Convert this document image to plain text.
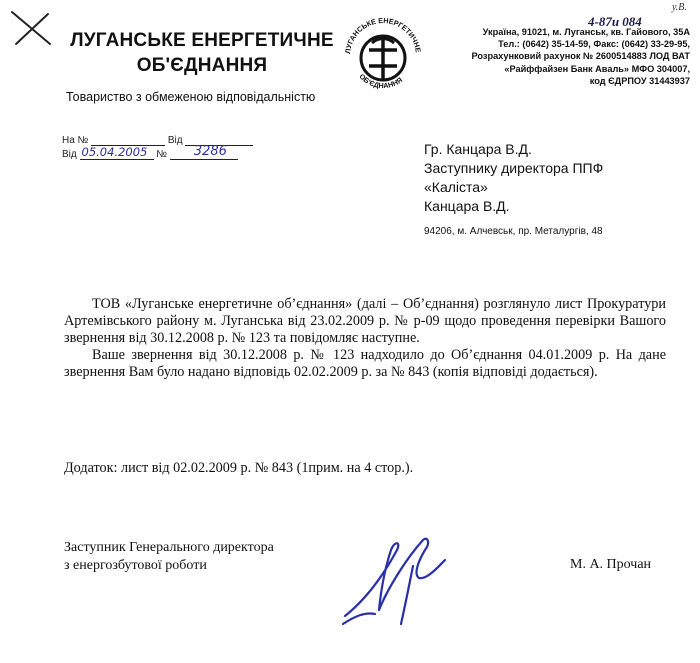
ЛУГАНСЬКЕ ЕНЕРГЕТИЧНЕ
ОБ'ЄДНАННЯ
Товариство з обмеженою відповідальністю
ЛУГАНСЬКЕ ЕНЕРГЕТИЧНЕ
ОБ'ЄДНАННЯ
Україна, 91021, м. Луганськ, кв. Гайового, 35А
Тел.: (0642) 35-14-59, Факс: (0642) 33-29-95,
Розрахунковий рахунок № 2600514883 ЛОД ВАТ
«Райффайзен Банк Аваль» МФО 304007,
код ЄДРПОУ 31443937
4-87и 084
у.В.
На №	Від
Від 05.04.2005 № 3286	Гр. Канцара В.Д.
Заступнику директора ППФ
«Каліста»
Канцара В.Д.
94206, м. Алчевськ, пр. Металургів, 48

ТОВ «Луганське енергетичне об’єднання» (далі – Об’єднання) розглянуло лист Прокуратури Артемівського району м. Луганська від 23.02.2009 р. № р-09 щодо проведення перевірки Вашого звернення від 30.12.2008 р. № 123 та повідомляє наступне.

Ваше звернення від 30.12.2008 р. № 123 надходило до Об’єднання 04.01.2009 р. На дане звернення Вам було надано відповідь 02.02.2009 р. за № 843 (копія відповіді додається).

Додаток: лист від 02.02.2009 р. № 843 (1прим. на 4 стор.).
Заступник Генерального директора
з енергозбутової роботи	М. А. Прочан
